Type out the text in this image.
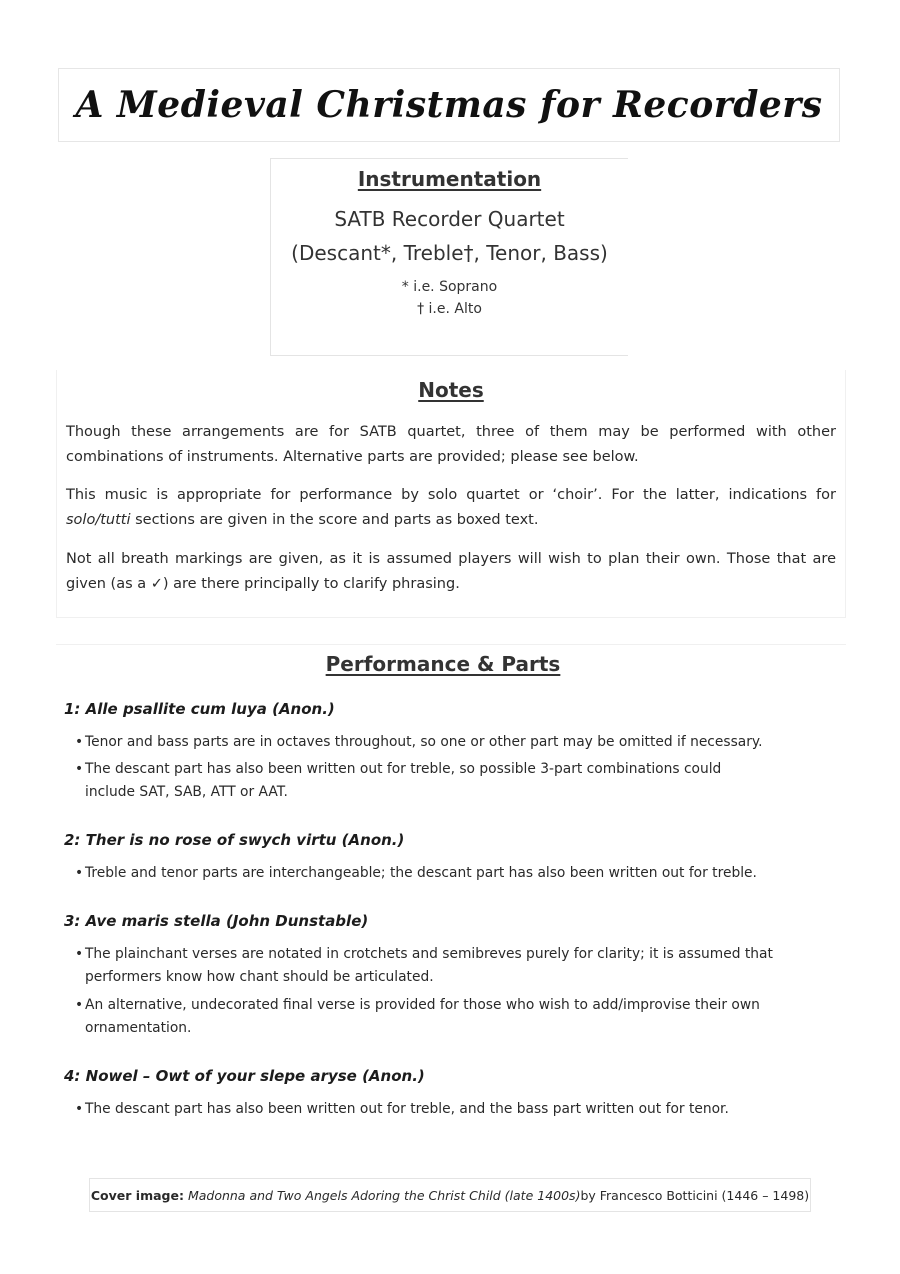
A Medieval Christmas for Recorders
Instrumentation
SATB Recorder Quartet
(Descant*, Treble†, Tenor, Bass)
* i.e. Soprano
† i.e. Alto
Notes
Though these arrangements are for SATB quartet, three of them may be performed with other combinations of instruments. Alternative parts are provided; please see below.
This music is appropriate for performance by solo quartet or ‘choir’. For the latter, indications for solo/tutti sections are given in the score and parts as boxed text.
Not all breath markings are given, as it is assumed players will wish to plan their own. Those that are given (as a ✓) are there principally to clarify phrasing.
Performance & Parts
1: Alle psallite cum luya (Anon.)
• Tenor and bass parts are in octaves throughout, so one or other part may be omitted if necessary.
• The descant part has also been written out for treble, so possible 3-part combinations could include SAT, SAB, ATT or AAT.
2: Ther is no rose of swych virtu (Anon.)
• Treble and tenor parts are interchangeable; the descant part has also been written out for treble.
3: Ave maris stella (John Dunstable)
• The plainchant verses are notated in crotchets and semibreves purely for clarity; it is assumed that performers know how chant should be articulated.
• An alternative, undecorated final verse is provided for those who wish to add/improvise their own ornamentation.
4: Nowel – Owt of your slepe aryse (Anon.)
• The descant part has also been written out for treble, and the bass part written out for tenor.
Cover image:
Madonna and Two Angels Adoring the Christ Child (late 1400s) by Francesco Botticini (1446 – 1498)
